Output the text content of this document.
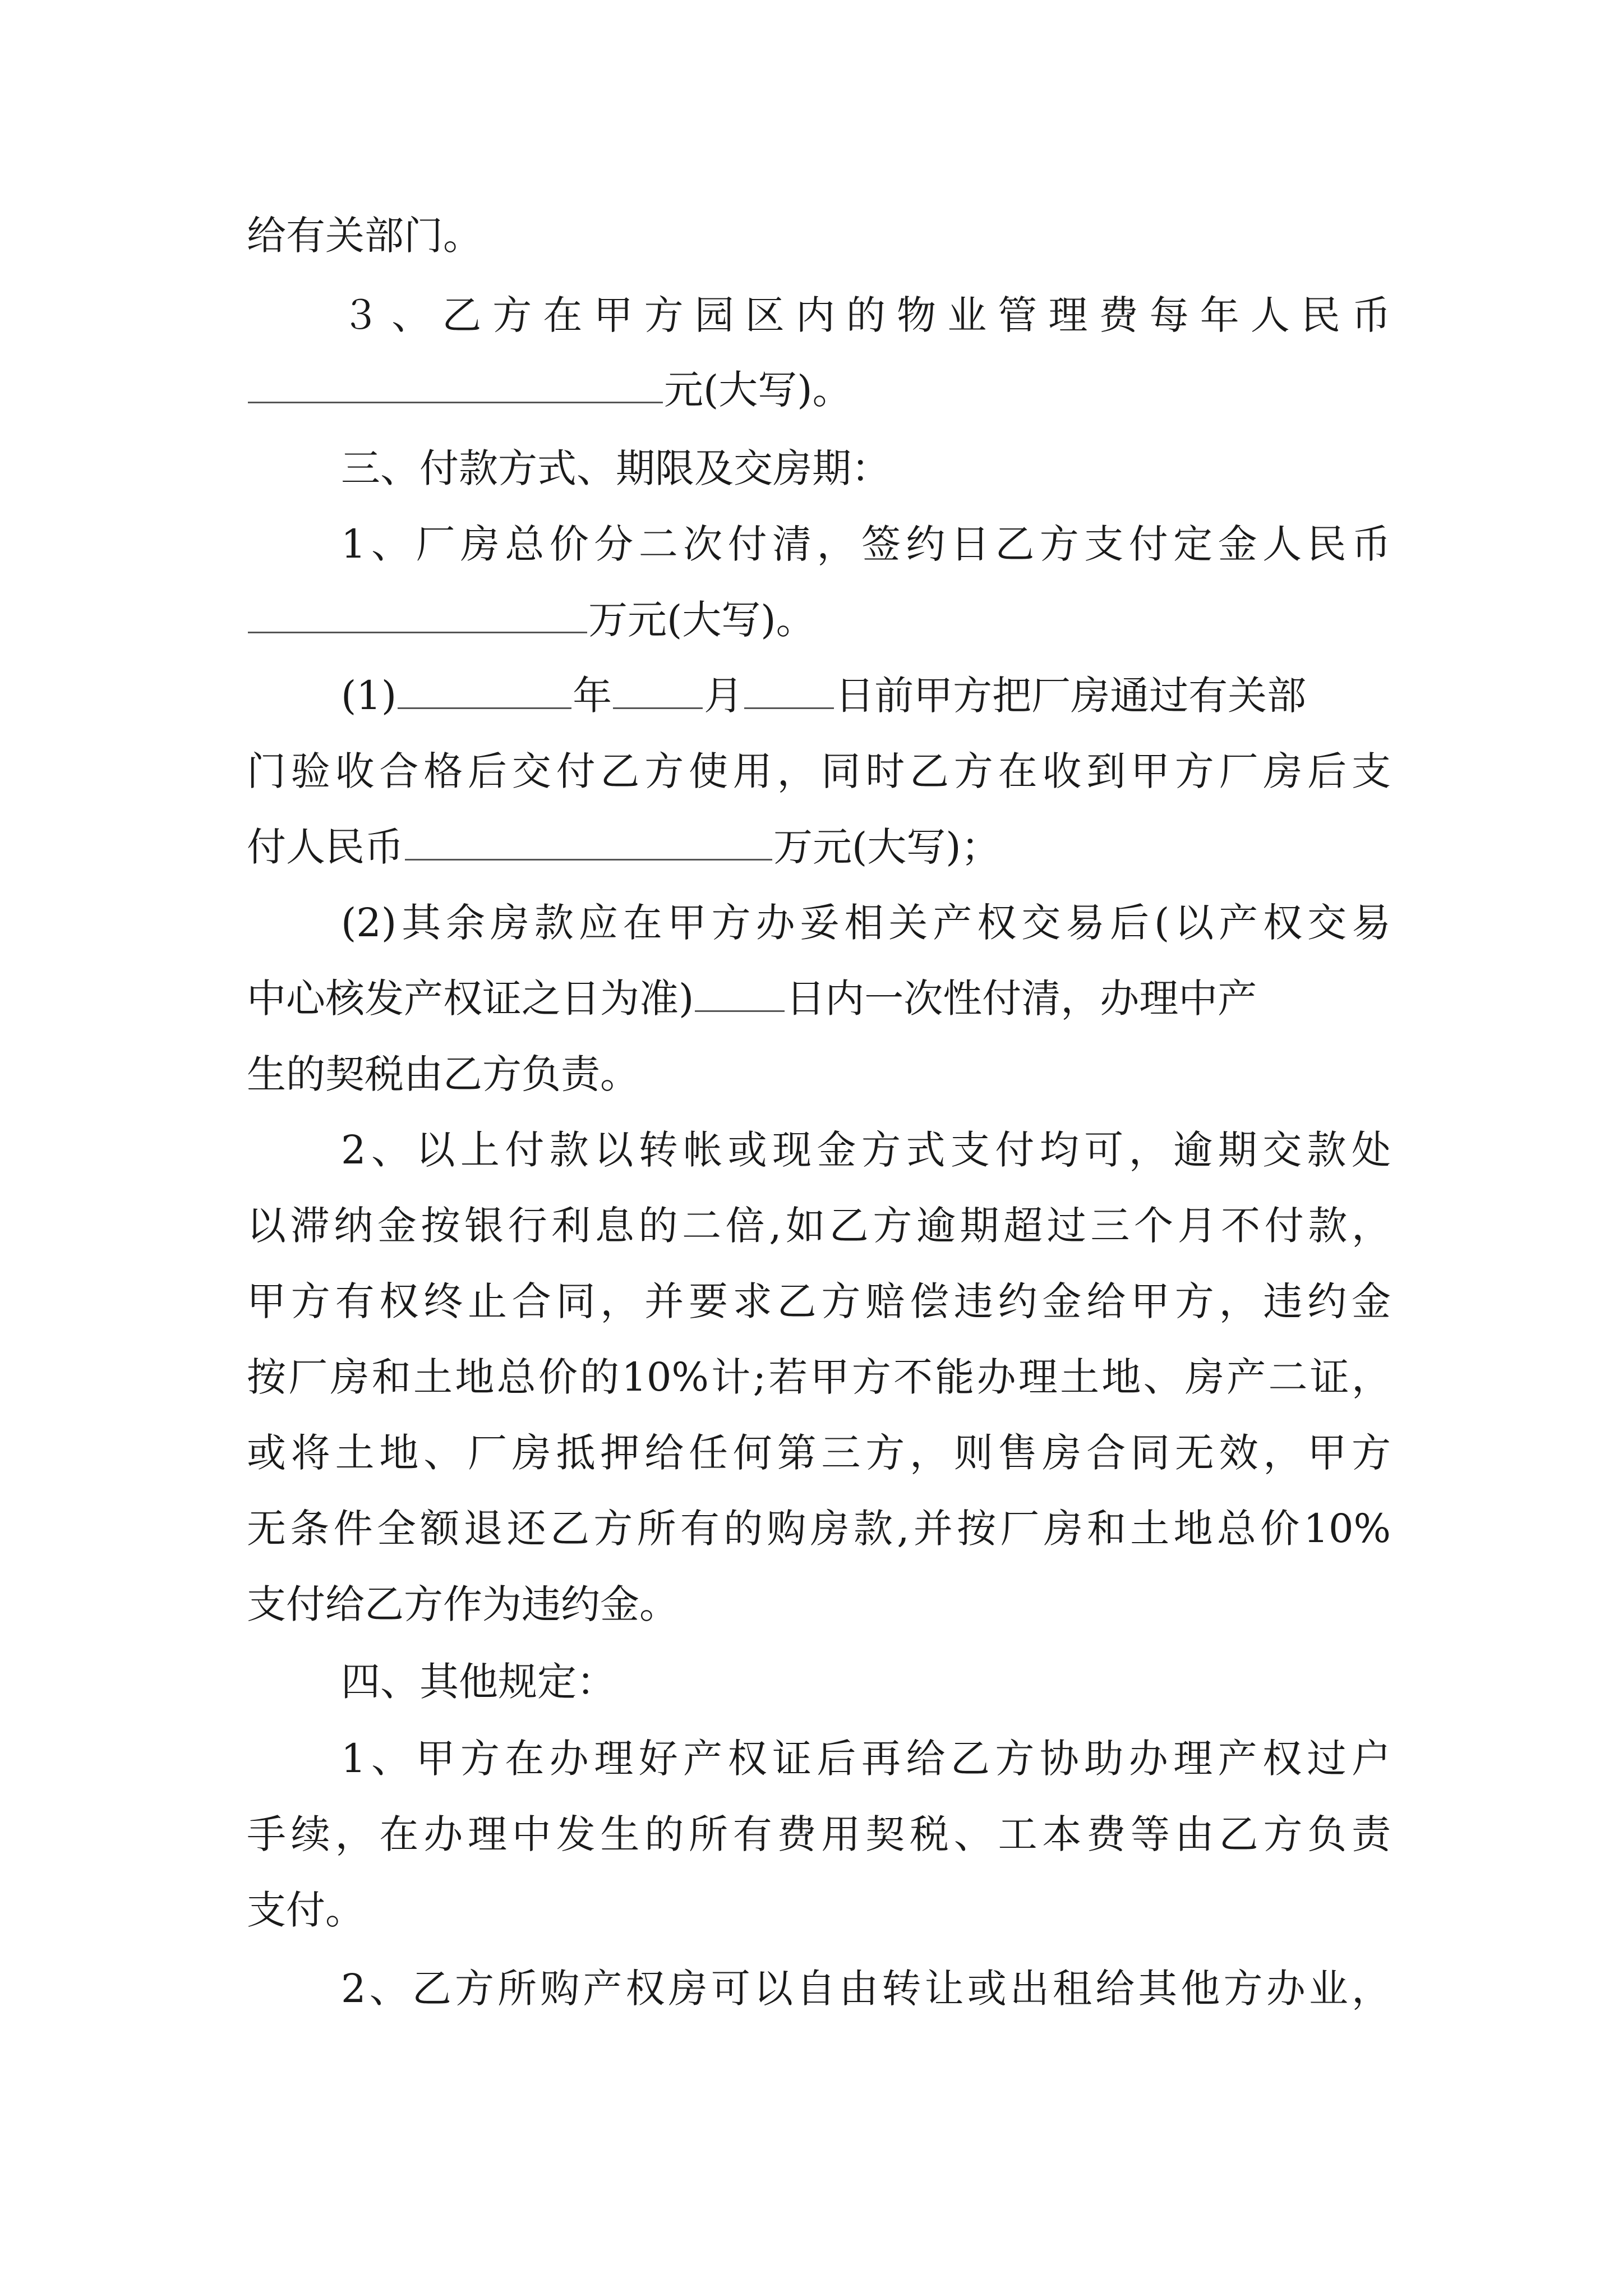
给有关部门。
３、乙方在甲方园区内的物业管理费每年人民币
元(大写)。
三、付款方式、期限及交房期：
1、厂房总价分二次付清，签约日乙方支付定金人民币
万元(大写)。
(1)	年 月 日前甲方把厂房通过有关部
门验收合格后交付乙方使用，同时乙方在收到甲方厂房后支
付人民币	万元(大写)；
(2)其余房款应在甲方办妥相关产权交易后(以产权交易
中心核发产权证之日为准) 日内一次性付清，办理中产
生的契税由乙方负责。
2、以上付款以转帐或现金方式支付均可，逾期交款处
以滞纳金按银行利息的二倍,如乙方逾期超过三个月不付款，
甲方有权终止合同，并要求乙方赔偿违约金给甲方，违约金
按厂房和土地总价的10%计;若甲方不能办理土地、房产二证，
或将土地、厂房抵押给任何第三方，则售房合同无效，甲方
无条件全额退还乙方所有的购房款,并按厂房和土地总价10%
支付给乙方作为违约金。
四、其他规定：
1、甲方在办理好产权证后再给乙方协助办理产权过户
手续，在办理中发生的所有费用契税、工本费等由乙方负责
支付。
2、乙方所购产权房可以自由转让或出租给其他方办业，
